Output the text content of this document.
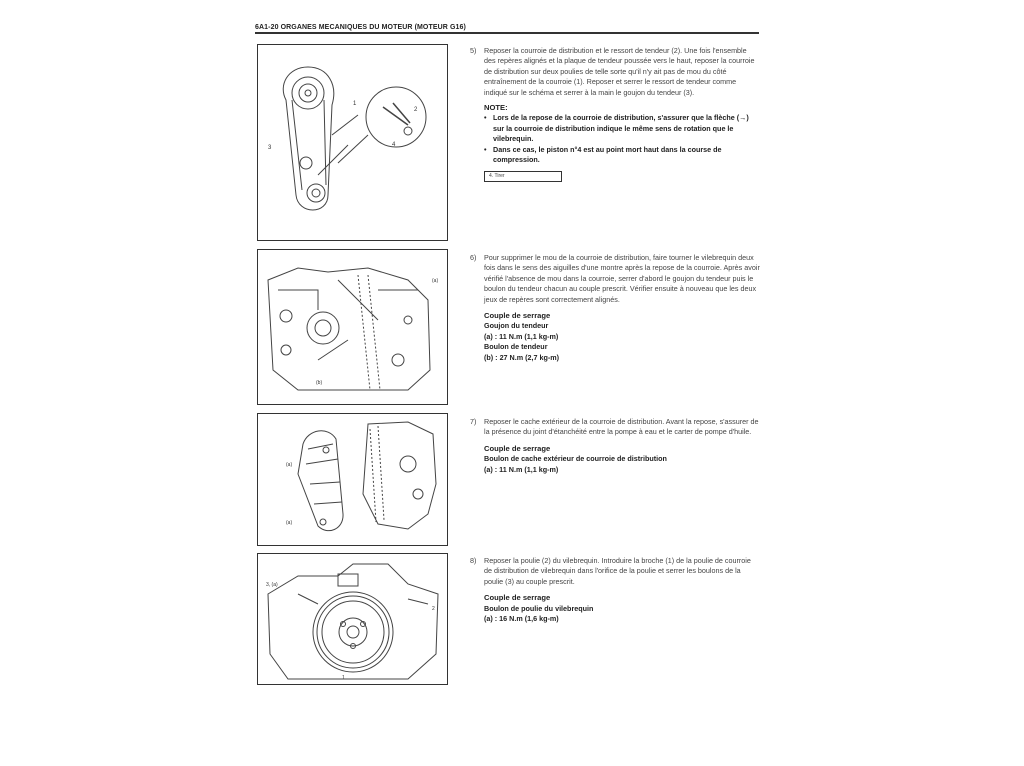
6A1-20 ORGANES MECANIQUES DU MOTEUR (MOTEUR G16)
1
2
3	4
(a)
(b)
(a)
(a)
3, (a)
1
2
5) Reposer la courroie de distribution et le ressort de tendeur (2). Une fois l'ensemble des repères alignés et la plaque de tendeur poussée vers le haut, reposer la courroie de distribution sur deux poulies de telle sorte qu'il n'y ait pas de mou du côté entraînement de la courroie (1). Reposer et serrer le ressort de tendeur comme indiqué sur le schéma et serrer à la main le goujon du tendeur (3).

NOTE:
• Lors de la repose de la courroie de distribution, s'assurer que la flèche (→) sur la courroie de distribution indique le même sens de rotation que le vilebrequin.
• Dans ce cas, le piston n°4 est au point mort haut dans la course de compression.
4. Tirer
6) Pour supprimer le mou de la courroie de distribution, faire tourner le vilebrequin deux fois dans le sens des aiguilles d'une montre après la repose de la courroie. Après avoir vérifié l'absence de mou dans la courroie, serrer d'abord le goujon du tendeur puis le boulon du tendeur chacun au couple prescrit. Vérifier ensuite à nouveau que les deux jeux de repères sont correctement alignés.

Couple de serrage
Goujon du tendeur
(a) : 11 N.m (1,1 kg-m)
Boulon de tendeur
(b) : 27 N.m (2,7 kg-m)
7) Reposer le cache extérieur de la courroie de distribution. Avant la repose, s'assurer de la présence du joint d'étanchéité entre la pompe à eau et le carter de pompe d'huile.

Couple de serrage
Boulon de cache extérieur de courroie de distribution
(a) : 11 N.m (1,1 kg-m)
8) Reposer la poulie (2) du vilebrequin. Introduire la broche (1) de la poulie de courroie de distribution de vilebrequin dans l'orifice de la poulie et serrer les boulons de la poulie (3) au couple prescrit.

Couple de serrage
Boulon de poulie du vilebrequin
(a) : 16 N.m (1,6 kg-m)
